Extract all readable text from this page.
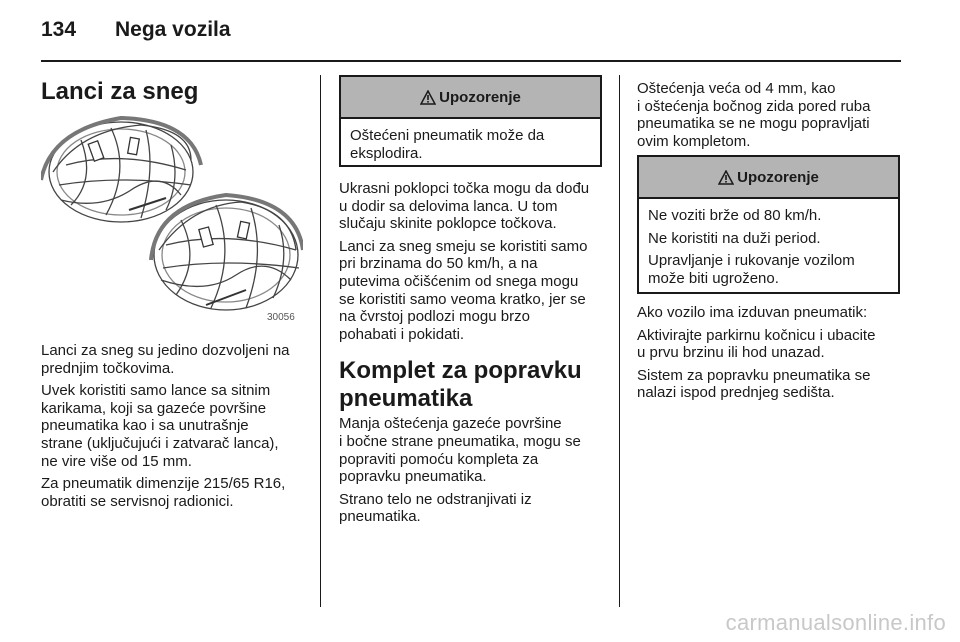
134 Nega vozila
Lanci za sneg
30056

Lanci za sneg su jedino dozvoljeni na
prednjim točkovima.

Uvek koristiti samo lance sa sitnim
karikama, koji sa gazeće površine
pneumatika kao i sa unutrašnje
strane (uključujući i zatvarač lanca),
ne vire više od 15 mm.

Za pneumatik dimenzije 215/65 R16,
obratiti se servisnoj radionici.

Upozorenje

Oštećeni pneumatik može da
eksplodira.

Ukrasni poklopci točka mogu da dođu
u dodir sa delovima lanca. U tom
slučaju skinite poklopce točkova.

Lanci za sneg smeju se koristiti samo
pri brzinama do 50 km/h, a na
putevima očišćenim od snega mogu
se koristiti samo veoma kratko, jer se
na čvrstoj podlozi mogu brzo
pohabati i pokidati.

Komplet za popravku
pneumatika

Manja oštećenja gazeće površine
i bočne strane pneumatika, mogu se
popraviti pomoću kompleta za
popravku pneumatika.

Strano telo ne odstranjivati iz
pneumatika.

Oštećenja veća od 4 mm, kao
i oštećenja bočnog zida pored ruba
pneumatika se ne mogu popravljati
ovim kompletom.

Upozorenje

Ne voziti brže od 80 km/h.

Ne koristiti na duži period.

Upravljanje i rukovanje vozilom
može biti ugroženo.

Ako vozilo ima izduvan pneumatik:

Aktivirajte parkirnu kočnicu i ubacite
u prvu brzinu ili hod unazad.

Sistem za popravku pneumatika se
nalazi ispod prednjeg sedišta.

carmanualsonline.info
